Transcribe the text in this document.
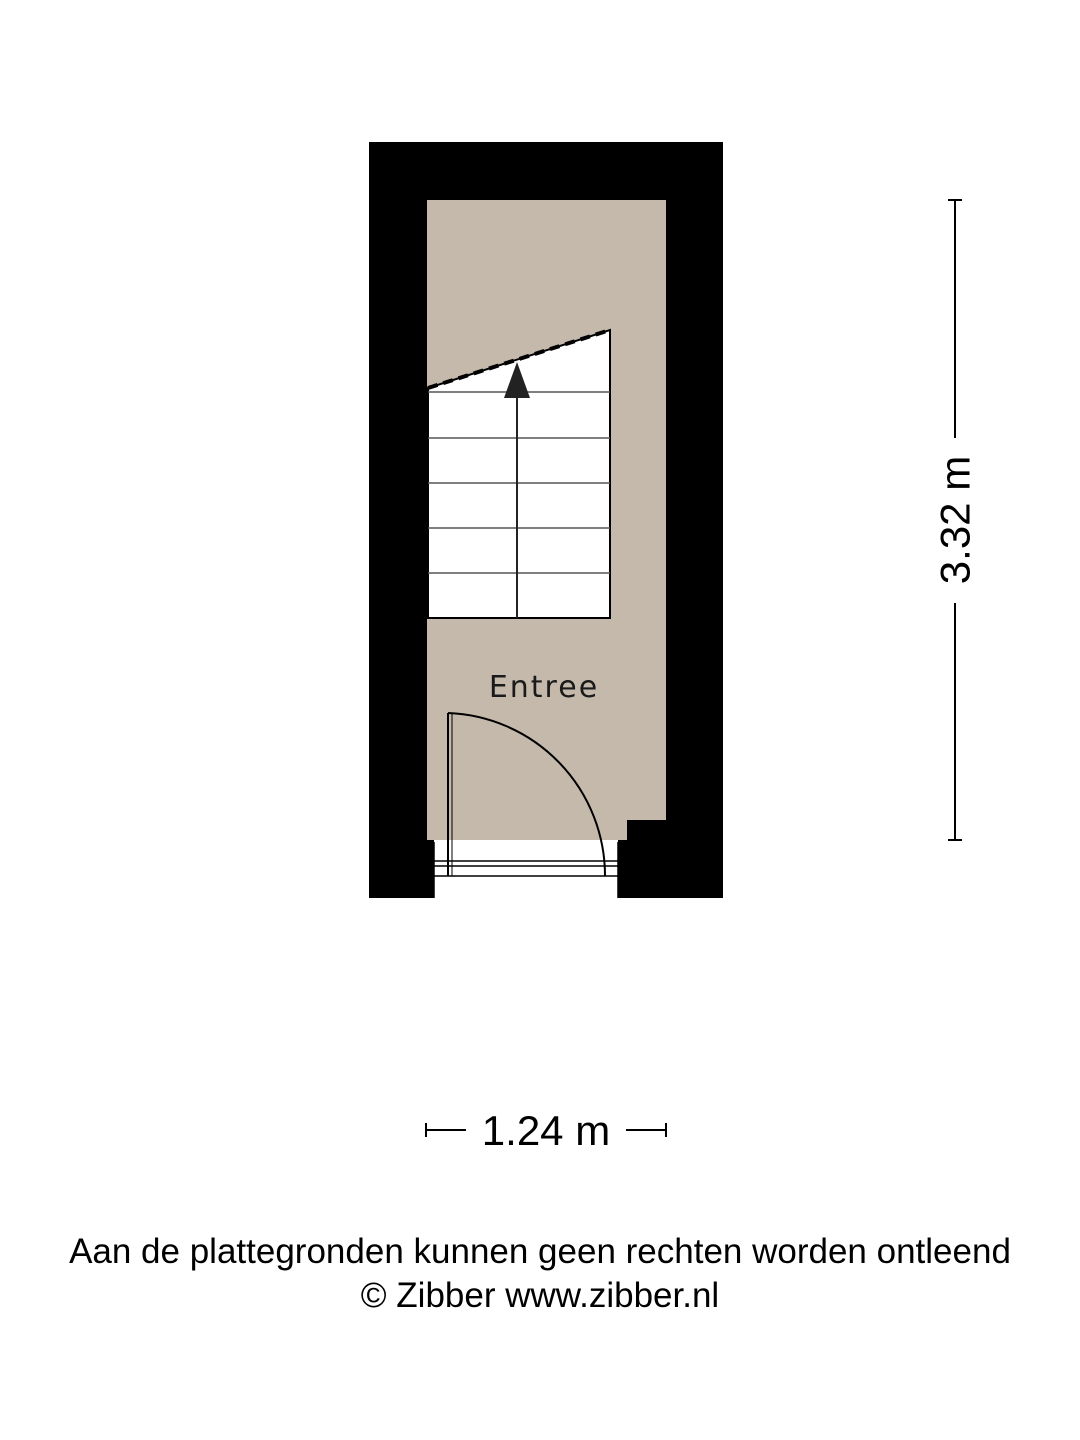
Entree
3.32 m
1.24 m
Aan de plattegronden kunnen geen rechten worden ontleend
© Zibber www.zibber.nl
